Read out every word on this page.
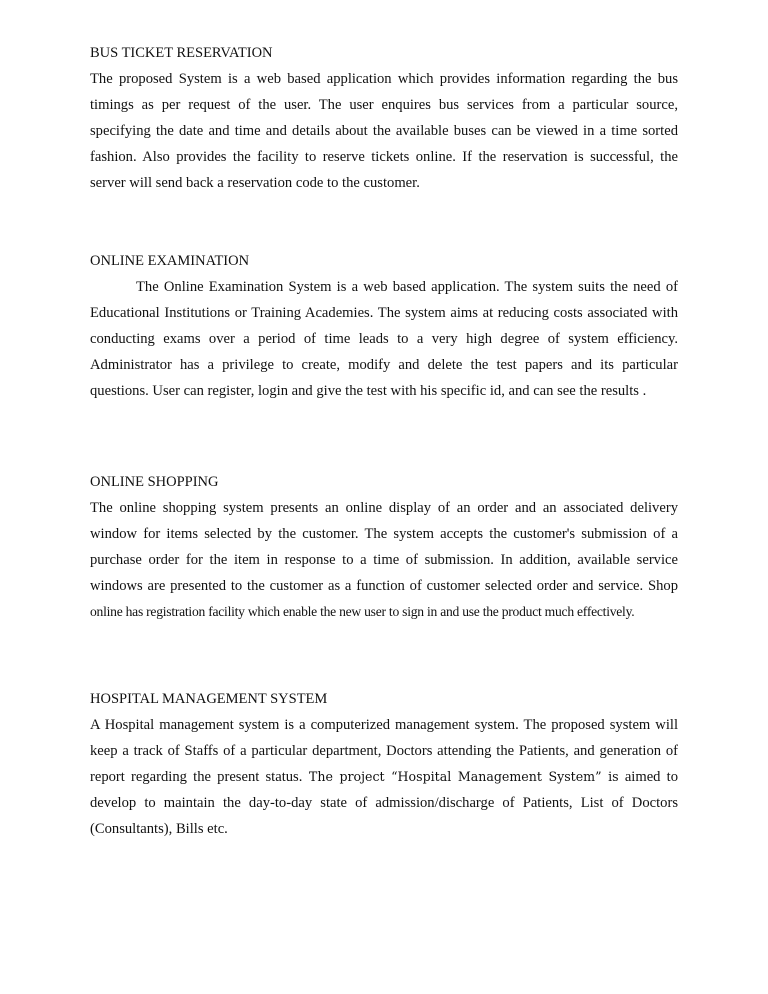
BUS TICKET RESERVATION
The proposed System is a web based application which provides information regarding the bus timings as per request of the user. The user enquires bus services from a particular source, specifying the date and time and details about the available buses can be viewed in a time sorted fashion. Also provides the facility to reserve tickets online. If the reservation is successful, the server will send back a reservation code to the customer.
ONLINE EXAMINATION
The Online Examination System is a web based application. The system suits the need of Educational Institutions or Training Academies. The system aims at reducing costs associated with conducting exams over a period of time leads to a very high degree of system efficiency. Administrator has a privilege to create, modify and delete the test papers and its particular questions. User can register, login and give the test with his specific id, and can see the results .
ONLINE SHOPPING
The online shopping system presents an online display of an order and an associated delivery window for items selected by the customer. The system accepts the customer's submission of a purchase order for the item in response to a time of submission. In addition, available service windows are presented to the customer as a function of customer selected order and service. Shop online has registration facility which enable the new user to sign in and use the product much effectively.
HOSPITAL MANAGEMENT SYSTEM
A Hospital management system is a computerized management system. The proposed system will keep a track of Staffs of a particular department, Doctors attending the Patients, and generation of report regarding the present status. The project “Hospital Management System” is aimed to develop to maintain the day-to-day state of admission/discharge of Patients, List of Doctors (Consultants), Bills etc.
